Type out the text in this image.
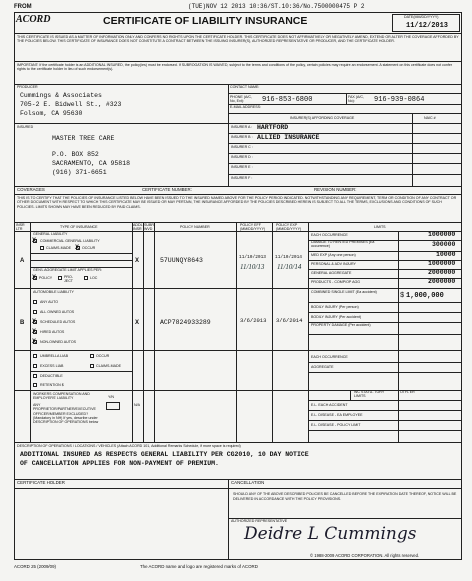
FROM	(TUE)NOV 12 2013 10:36/ST.10:36/No.7500000475 P 2
ACORD	CERTIFICATE OF LIABILITY INSURANCE	DATE(MM/DD/YYYY)
11/12/2013
THIS CERTIFICATE IS ISSUED AS A MATTER OF INFORMATION ONLY AND CONFERS NO RIGHTS UPON THE CERTIFICATE HOLDER. THIS CERTIFICATE DOES NOT AFFIRMATIVELY OR NEGATIVELY AMEND, EXTEND OR ALTER THE COVERAGE AFFORDED BY THE POLICIES BELOW. THIS CERTIFICATE OF INSURANCE DOES NOT CONSTITUTE A CONTRACT BETWEEN THE ISSUING INSURER(S), AUTHORIZED REPRESENTATIVE OR PRODUCER, AND THE CERTIFICATE HOLDER.
IMPORTANT: If the certificate holder is an ADDITIONAL INSURED, the policy(ies) must be endorsed. If SUBROGATION IS WAIVED, subject to the terms and conditions of the policy, certain policies may require an endorsement. A statement on this certificate does not confer rights to the certificate holder in lieu of such endorsement(s).
PRODUCER
Cummings & Associates
705-2 E. Bidwell St., #323
Folsom, CA 95630
CONTACT NAME:
PHONE (A/C, No, Ext):	916-853-6800	FAX (A/C, No):	916-939-0864
E-MAIL ADDRESS:
INSURER(S) AFFORDING COVERAGE	NAIC #
INSURED
MASTER TREE CARE
P.O. BOX 852
SACRAMENTO, CA 95818
(916) 371-6651
INSURER A : HARTFORD
INSURER B : ALLIED INSURANCE
INSURER C :
INSURER D :
INSURER E :
INSURER F :
COVERAGES	CERTIFICATE NUMBER:	REVISION NUMBER:
THIS IS TO CERTIFY THAT THE POLICIES OF INSURANCE LISTED BELOW HAVE BEEN ISSUED TO THE INSURED NAMED ABOVE FOR THE POLICY PERIOD INDICATED. NOTWITHSTANDING ANY REQUIREMENT, TERM OR CONDITION OF ANY CONTRACT OR OTHER DOCUMENT WITH RESPECT TO WHICH THIS CERTIFICATE MAY BE ISSUED OR MAY PERTAIN, THE INSURANCE AFFORDED BY THE POLICIES DESCRIBED HEREIN IS SUBJECT TO ALL THE TERMS, EXCLUSIONS AND CONDITIONS OF SUCH POLICIES. LIMITS SHOWN MAY HAVE BEEN REDUCED BY PAID CLAIMS.
INSR LTR	TYPE OF INSURANCE	ADDL INSR
SUBR WVD	POLICY NUMBER	POLICY EFF (MM/DD/YYYY)
POLICY EXP (MM/DD/YYYY)	LIMITS
GENERAL LIABILITY
X COMMERCIAL GENERAL LIABILITY
CLAIMS-MADE X OCCUR
GEN'L AGGREGATE LIMIT APPLIES PER:
X POLICY	PRO- JECT
LOC
A	X	57UUNQY8643	11/10/2013 11/10/2014
11/10/13 11/10/14
EACH OCCURRENCE	1000000
DAMAGE TO RENTED PREMISES (Ea occurrence)	300000
MED EXP (Any one person)	10000
PERSONAL & ADV INJURY	1000000
GENERAL AGGREGATE	2000000
PRODUCTS - COMP/OP AGG	2000000
AUTOMOBILE LIABILITY
ANY AUTO
ALL OWNED AUTOS
X SCHEDULED AUTOS
X HIRED AUTOS
X NON-OWNED AUTOS
B	X	ACP7824933289	3/6/2013 3/6/2014
COMBINED SINGLE LIMIT (Ea accident)	1,000,000
$
BODILY INJURY (Per person)
BODILY INJURY (Per accident)
PROPERTY DAMAGE (Per accident)
UMBRELLA LIAB	OCCUR
EXCESS LIAB	CLAIMS-MADE
DEDUCTIBLE
RETENTION $
EACH OCCURRENCE
AGGREGATE
WORKERS COMPENSATION AND EMPLOYERS' LIABILITY
ANY PROPRIETOR/PARTNER/EXECUTIVE OFFICER/MEMBER EXCLUDED? (Mandatory in NH) If yes, describe under DESCRIPTION OF OPERATIONS below
Y/N
N/A
WC STATU- TORY LIMITS
OTH- ER
E.L. EACH ACCIDENT
E.L. DISEASE - EA EMPLOYEE
E.L. DISEASE - POLICY LIMIT
DESCRIPTION OF OPERATIONS / LOCATIONS / VEHICLES (Attach ACORD 101, Additional Remarks Schedule, if more space is required)
ADDITIONAL INSURED AS RESPECTS GENERAL LIABILITY PER CG2010, 10 DAY NOTICE
OF CANCELLATION APPLIES FOR NON-PAYMENT OF PREMIUM.
CERTIFICATE HOLDER	CANCELLATION
SHOULD ANY OF THE ABOVE DESCRIBED POLICIES BE CANCELLED BEFORE THE EXPIRATION DATE THEREOF, NOTICE WILL BE DELIVERED IN ACCORDANCE WITH THE POLICY PROVISIONS.
AUTHORIZED REPRESENTATIVE
Deidre L Cummings
© 1988-2009 ACORD CORPORATION. All rights reserved.
ACORD 25 (2009/09)	The ACORD name and logo are registered marks of ACORD
